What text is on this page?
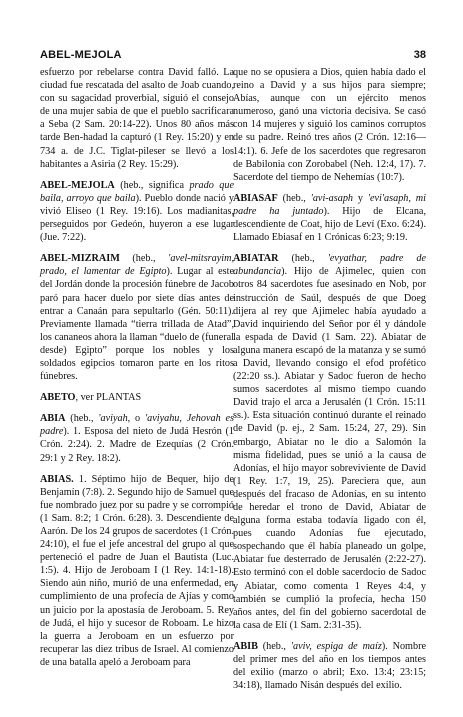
ABEL-MEJOLA	38

esfuerzo por rebelarse contra David falló. La ciudad fue rescatada del asalto de Joab cuando, con su sagacidad proverbial, siguió el consejo de una mujer sabia de que el pueblo sacrificara a Seba (2 Sam. 20:14-22). Unos 80 años más tarde Ben-hadad la capturó (1 Rey. 15:20) y en 734 a. de J.C. Tiglat-pileser se llevó a los habitantes a Asiria (2 Rey. 15:29).

ABEL-MEJOLA (heb., significa prado que baila, arroyo que baila). Pueblo donde nació y vivió Eliseo (1 Rey. 19:16). Los madianitas, perseguidos por Gedeón, huyeron a ese lugar (Jue. 7:22).

ABEL-MIZRAIM (heb., 'avel-mitsrayim, prado, el lamentar de Egipto). Lugar al este del Jordán donde la procesión fúnebre de Jacob paró para hacer duelo por siete días antes de entrar a Canaán para sepultarlo (Gén. 50:11). Previamente llamada “tierra trillada de Atad”, los cananeos ahora la llaman “duelo de (funeral desde) Egipto” porque los nobles y los soldados egipcios tomaron parte en los ritos fúnebres.

ABETO, ver PLANTAS

ABIA (heb., 'aviyah, o 'aviyahu, Jehovah es padre). 1. Esposa del nieto de Judá Hesrón (1 Crón. 2:24). 2. Madre de Ezequías (2 Crón. 29:1 y 2 Rey. 18:2).

ABIAS. 1. Séptimo hijo de Bequer, hijo de Benjamín (7:8). 2. Segundo hijo de Samuel que fue nombrado juez por su padre y se corrompió (1 Sam. 8:2; 1 Crón. 6:28). 3. Descendiente de Aarón. De los 24 grupos de sacerdotes (1 Crón. 24:10), el fue el jefe ancestral del grupo al que perteneció el padre de Juan el Bautista (Luc. 1:5). 4. Hijo de Jeroboam I (1 Rey. 14:1-18). Siendo aún niño, murió de una enfermedad, en cumplimiento de una profecía de Ajías y como un juicio por la apostasía de Jeroboam. 5. Rey de Judá, el hijo y sucesor de Roboam. Le hizo la guerra a Jeroboam en un esfuerzo por recuperar las diez tribus de Israel. Al comienzo de una batalla apeló a Jeroboam para

que no se opusiera a Dios, quien había dado el reino a David y a sus hijos para siempre; Abías, aunque con un ejército menos numeroso, ganó una victoria decisiva. Se casó con 14 mujeres y siguió los caminos corruptos de su padre. Reinó tres años (2 Crón. 12:16—14:1). 6. Jefe de los sacerdotes que regresaron de Babilonia con Zorobabel (Neh. 12:4, 17). 7. Sacerdote del tiempo de Nehemías (10:7).

ABIASAF (heb., 'avi-asaph y 'evi'asaph, mi padre ha juntado). Hijo de Elcana, descendiente de Coat, hijo de Leví (Exo. 6:24). Llamado Ebiasaf en 1 Crónicas 6:23; 9:19.

ABIATAR (heb., 'evyathar, padre de abundancia). Hijo de Ajimelec, quien con otros 84 sacerdotes fue asesinado en Nob, por instrucción de Saúl, después de que Doeg dijera al rey que Ajimelec había ayudado a David inquiriendo del Señor por él y dándole la espada de David (1 Sam. 22). Abiatar de alguna manera escapó de la matanza y se sumó a David, llevando consigo el efod profético (22:20 ss.). Abiatar y Sadoc fueron de hecho sumos sacerdotes al mismo tiempo cuando David trajo el arca a Jerusalén (1 Crón. 15:11 ss.). Esta situación continuó durante el reinado de David (p. ej., 2 Sam. 15:24, 27, 29). Sin embargo, Abiatar no le dio a Salomón la misma fidelidad, pues se unió a la causa de Adonías, el hijo mayor sobreviviente de David (1 Rey. 1:7, 19, 25). Pareciera que, aun después del fracaso de Adonías, en su intento de heredar el trono de David, Abiatar de alguna forma estaba todavía ligado con él, pues cuando Adonías fue ejecutado, sospechando que él había planeado un golpe, Abiatar fue desterrado de Jerusalén (2:22-27). Esto terminó con el doble sacerdocio de Sadoc y Abiatar, como comenta 1 Reyes 4:4, y también se cumplió la profecía, hecha 150 años antes, del fin del gobierno sacerdotal de la casa de Elí (1 Sam. 2:31-35).

ABIB (heb., 'aviv, espiga de maíz). Nombre del primer mes del año en los tiempos antes del exilio (marzo o abril; Exo. 13:4; 23:15; 34:18), llamado Nisán después del exilio.
